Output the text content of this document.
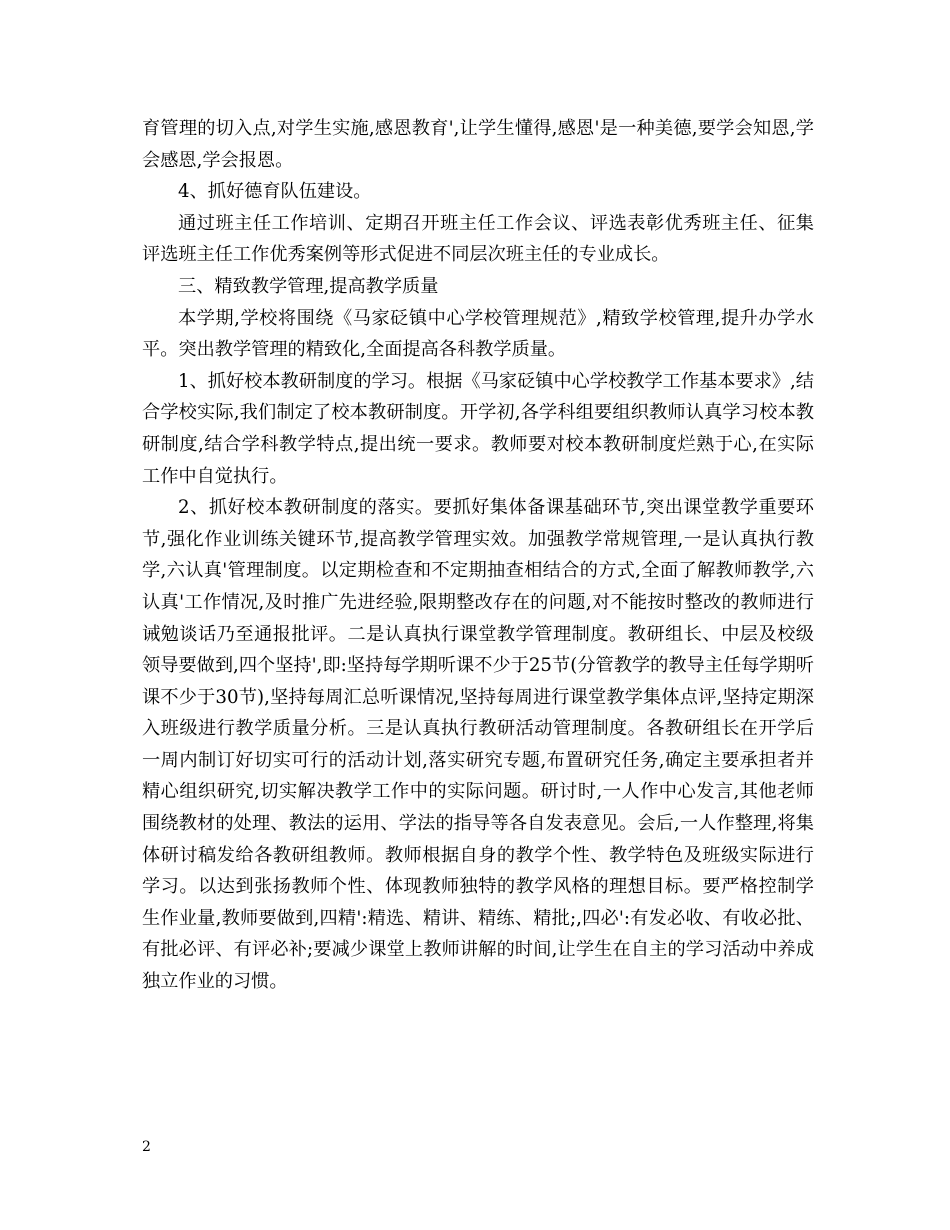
育管理的切入点,对学生实施,感恩教育',让学生懂得,感恩'是一种美德,要学会知恩,学会感恩,学会报恩。

4、抓好德育队伍建设。

通过班主任工作培训、定期召开班主任工作会议、评选表彰优秀班主任、征集评选班主任工作优秀案例等形式促进不同层次班主任的专业成长。

三、精致教学管理,提高教学质量

本学期,学校将围绕《马家砭镇中心学校管理规范》,精致学校管理,提升办学水平。突出教学管理的精致化,全面提高各科教学质量。

1、抓好校本教研制度的学习。根据《马家砭镇中心学校教学工作基本要求》,结合学校实际,我们制定了校本教研制度。开学初,各学科组要组织教师认真学习校本教研制度,结合学科教学特点,提出统一要求。教师要对校本教研制度烂熟于心,在实际工作中自觉执行。

2、抓好校本教研制度的落实。要抓好集体备课基础环节,突出课堂教学重要环节,强化作业训练关键环节,提高教学管理实效。加强教学常规管理,一是认真执行教学,六认真'管理制度。以定期检查和不定期抽查相结合的方式,全面了解教师教学,六认真'工作情况,及时推广先进经验,限期整改存在的问题,对不能按时整改的教师进行诫勉谈话乃至通报批评。二是认真执行课堂教学管理制度。教研组长、中层及校级领导要做到,四个坚持',即:坚持每学期听课不少于25节(分管教学的教导主任每学期听课不少于30节),坚持每周汇总听课情况,坚持每周进行课堂教学集体点评,坚持定期深入班级进行教学质量分析。三是认真执行教研活动管理制度。各教研组长在开学后一周内制订好切实可行的活动计划,落实研究专题,布置研究任务,确定主要承担者并精心组织研究,切实解决教学工作中的实际问题。研讨时,一人作中心发言,其他老师围绕教材的处理、教法的运用、学法的指导等各自发表意见。会后,一人作整理,将集体研讨稿发给各教研组教师。教师根据自身的教学个性、教学特色及班级实际进行学习。以达到张扬教师个性、体现教师独特的教学风格的理想目标。要严格控制学生作业量,教师要做到,四精':精选、精讲、精练、精批;,四必':有发必收、有收必批、有批必评、有评必补;要减少课堂上教师讲解的时间,让学生在自主的学习活动中养成独立作业的习惯。

2
